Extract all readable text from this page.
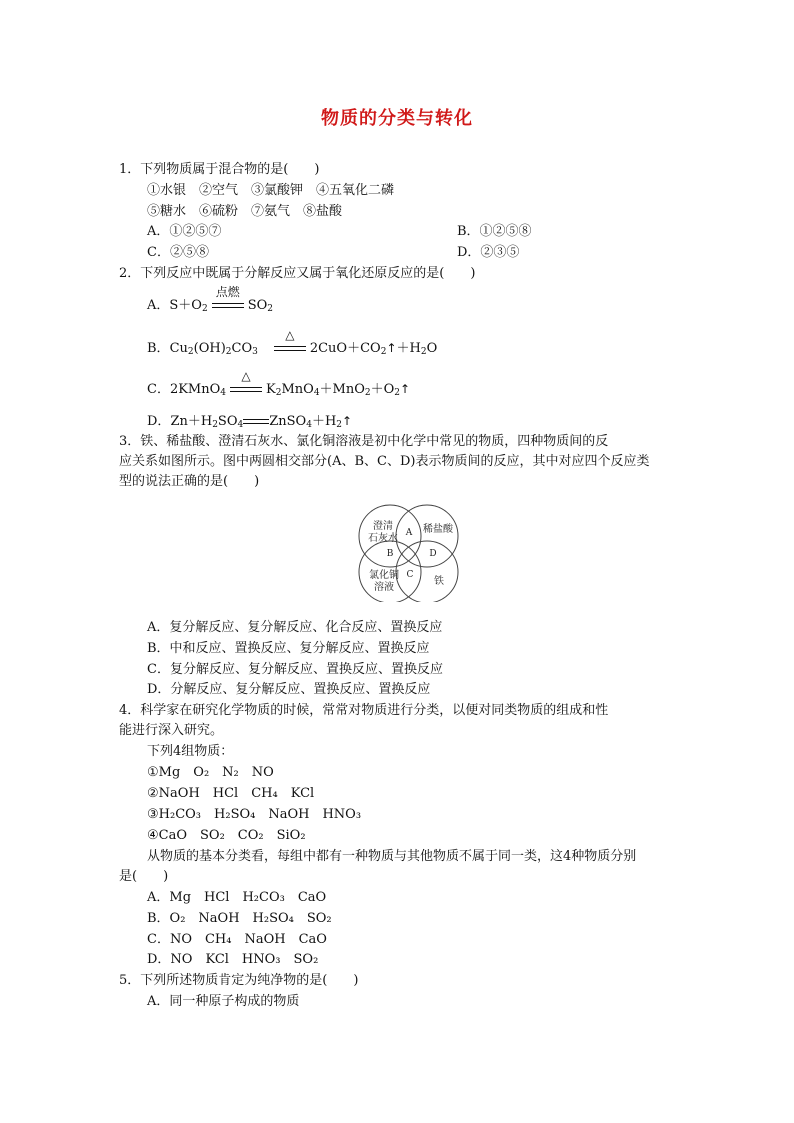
物质的分类与转化
1．下列物质属于混合物的是(　　)
①水银　②空气　③氯酸钾　④五氧化二磷
⑤糖水　⑥硫粉　⑦氨气　⑧盐酸
A．①②⑤⑦	B．①②⑤⑧
C．②⑤⑧	D．②③⑤
2．下列反应中既属于分解反应又属于氧化还原反应的是(　　)
A．$S+O_2$
点燃
$SO_2$
B．$Cu_2(OH)_2CO_3$
△
$2CuO+CO_2↑+H_2O$
C．2KMnO$_4$
△
$K_2MnO_4+MnO_2+O_2↑$
D．$Zn+H_2SO_4$ $ZnSO_4+H_2↑$
3．铁、稀盐酸、澄清石灰水、氯化铜溶液是初中化学中常见的物质，四种物质间的反
应关系如图所示。图中两圆相交部分(A、B、C、D)表示物质间的反应，其中对应四个反应类
型的说法正确的是(　　)
澄清
石灰水
稀盐酸
氯化铜
溶液
铁
A
B
C
D
A．复分解反应、复分解反应、化合反应、置换反应
B．中和反应、置换反应、复分解反应、置换反应
C．复分解反应、复分解反应、置换反应、置换反应
D．分解反应、复分解反应、置换反应、置换反应
4．科学家在研究化学物质的时候，常常对物质进行分类，以便对同类物质的组成和性
能进行深入研究。
下列4组物质：
①Mg　O₂　N₂　NO
②NaOH　HCl　CH₄　KCl
③H₂CO₃　H₂SO₄　NaOH　HNO₃
④CaO　SO₂　CO₂　SiO₂
从物质的基本分类看，每组中都有一种物质与其他物质不属于同一类，这4种物质分别
是(　　)
A．Mg　HCl　H₂CO₃　CaO
B．O₂　NaOH　H₂SO₄　SO₂
C．NO　CH₄　NaOH　CaO
D．NO　KCl　HNO₃　SO₂
5．下列所述物质肯定为纯净物的是(　　)
A．同一种原子构成的物质
